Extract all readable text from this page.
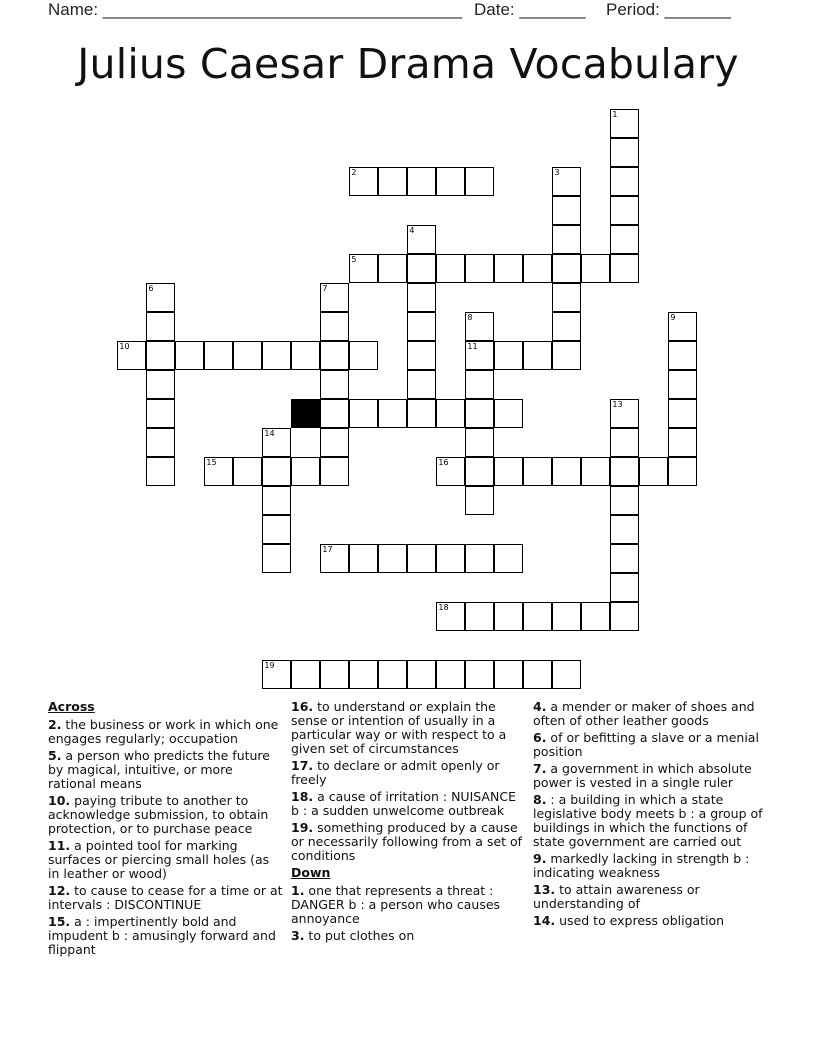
Name: ______________________________________ Date: _______ Period: _______
Julius Caesar Drama Vocabulary
2
5
10	11
12
15	16
17
18
19
1
3
4
6	7
8	9
13
14
Across
2. the business or work in which one engages regularly; occupation
5. a person who predicts the future by magical, intuitive, or more rational means
10. paying tribute to another to acknowledge submission, to obtain protection, or to purchase peace
11. a pointed tool for marking surfaces or piercing small holes (as in leather or wood)
12. to cause to cease for a time or at intervals : DISCONTINUE
15. a : impertinently bold and impudent b : amusingly forward and flippant
16. to understand or explain the sense or intention of usually in a particular way or with respect to a given set of circumstances
17. to declare or admit openly or freely
18. a cause of irritation : NUISANCE b : a sudden unwelcome outbreak
19. something produced by a cause or necessarily following from a set of conditions
Down
1. one that represents a threat : DANGER b : a person who causes annoyance
3. to put clothes on
4. a mender or maker of shoes and often of other leather goods
6. of or befitting a slave or a menial position
7. a government in which absolute power is vested in a single ruler
8. : a building in which a state legislative body meets b : a group of buildings in which the functions of state government are carried out
9. markedly lacking in strength b : indicating weakness
13. to attain awareness or understanding of
14. used to express obligation
